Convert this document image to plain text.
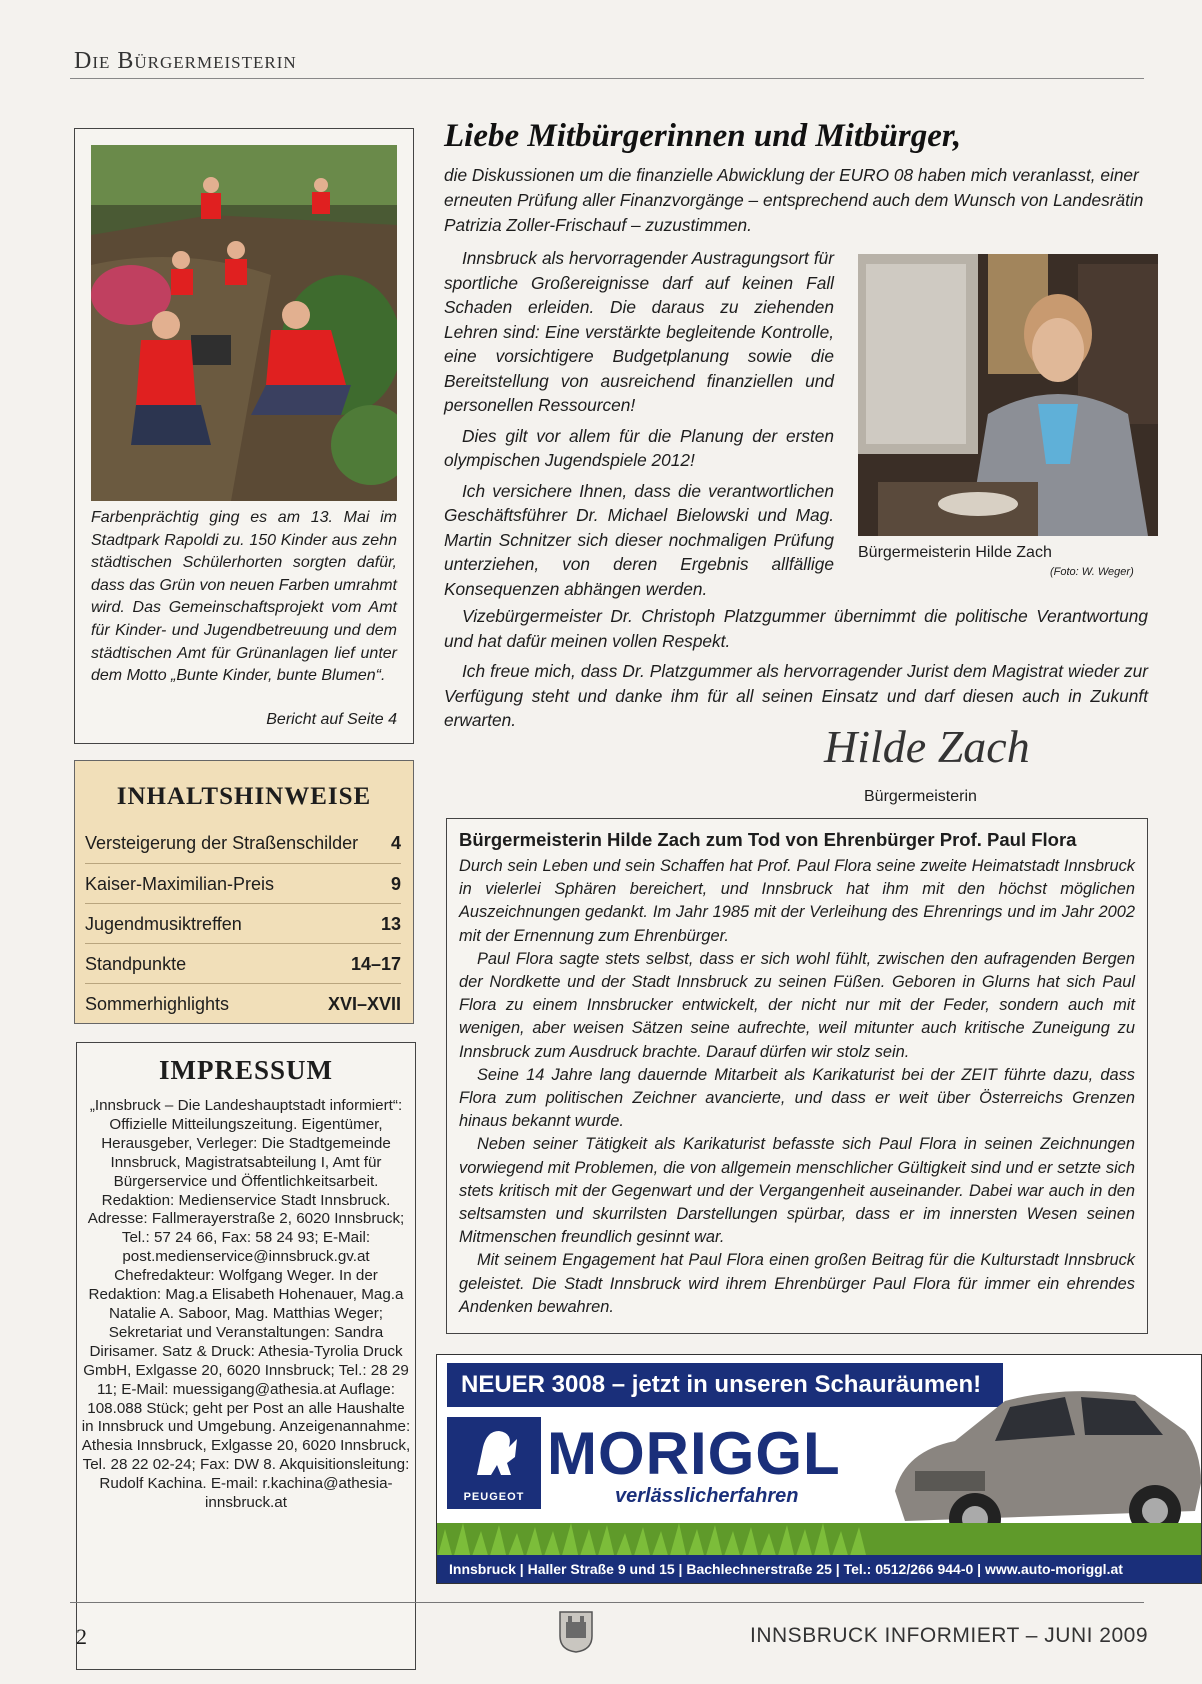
Die Bürgermeisterin
Farbenprächtig ging es am 13. Mai im Stadtpark Rapoldi zu. 150 Kinder aus zehn städtischen Schülerhorten sorgten dafür, dass das Grün von neuen Farben umrahmt wird. Das Gemeinschaftsprojekt vom Amt für Kinder- und Jugendbetreuung und dem städtischen Amt für Grünanlagen lief unter dem Motto „Bunte Kinder, bunte Blumen“.
Bericht auf Seite 4
INHALTSHINWEISE
Versteigerung der Straßenschilder 4
Kaiser-Maximilian-Preis	9
Jugendmusiktreffen	13
Standpunkte	14–17
Sommerhighlights	XVI–XVII
IMPRESSUM
„Innsbruck – Die Landeshauptstadt informiert“: Offizielle Mitteilungszeitung. Eigentümer, Herausgeber, Verleger: Die Stadtgemeinde Innsbruck, Magistratsabteilung I, Amt für Bürgerservice und Öffentlichkeitsarbeit. Redaktion: Medienservice Stadt Innsbruck. Adresse: Fallmerayerstraße 2, 6020 Innsbruck; Tel.: 57 24 66, Fax: 58 24 93; E-Mail: post.medienservice@innsbruck.gv.at Chefredakteur: Wolfgang Weger. In der Redaktion: Mag.a Elisabeth Hohenauer, Mag.a Natalie A. Saboor, Mag. Matthias Weger; Sekretariat und Veranstaltungen: Sandra Dirisamer. Satz & Druck: Athesia-Tyrolia Druck GmbH, Exlgasse 20, 6020 Innsbruck; Tel.: 28 29 11; E-Mail: muessigang@athesia.at Auflage: 108.088 Stück; geht per Post an alle Haushalte in Innsbruck und Umgebung. Anzeigenannahme: Athesia Innsbruck, Exlgasse 20, 6020 Innsbruck, Tel. 28 22 02-24; Fax: DW 8. Akquisitionsleitung: Rudolf Kachina. E-mail: r.kachina@athesia-innsbruck.at
Liebe Mitbürgerinnen und Mitbürger,
die Diskussionen um die finanzielle Abwicklung der EURO 08 haben mich veranlasst, einer erneuten Prüfung aller Finanzvorgänge – entsprechend auch dem Wunsch von Landesrätin Patrizia Zoller-Frischauf – zuzustimmen.

Innsbruck als hervorragender Austragungsort für sportliche Großereignisse darf auf keinen Fall Schaden erleiden. Die daraus zu ziehenden Lehren sind: Eine verstärkte begleitende Kontrolle, eine vorsichtigere Budgetplanung sowie die Bereitstellung von ausreichend finanziellen und personellen Ressourcen!

Dies gilt vor allem für die Planung der ersten olympischen Jugendspiele 2012!

Ich versichere Ihnen, dass die verantwortlichen Geschäftsführer Dr. Michael Bielowski und Mag. Martin Schnitzer sich dieser nochmaligen Prüfung unterziehen, von deren Ergebnis allfällige Konsequenzen abhängen werden.

Bürgermeisterin Hilde Zach
(Foto: W. Weger)

Vizebürgermeister Dr. Christoph Platzgummer übernimmt die politische Verantwortung und hat dafür meinen vollen Respekt.

Ich freue mich, dass Dr. Platzgummer als hervorragender Jurist dem Magistrat wieder zur Verfügung steht und danke ihm für all seinen Einsatz und darf diesen auch in Zukunft erwarten.

Hilde Zach
Bürgermeisterin
Bürgermeisterin Hilde Zach zum Tod von Ehrenbürger Prof. Paul Flora

Durch sein Leben und sein Schaffen hat Prof. Paul Flora seine zweite Heimatstadt Innsbruck in vielerlei Sphären bereichert, und Innsbruck hat ihm mit den höchst möglichen Auszeichnungen gedankt. Im Jahr 1985 mit der Verleihung des Ehrenrings und im Jahr 2002 mit der Ernennung zum Ehrenbürger.

Paul Flora sagte stets selbst, dass er sich wohl fühlt, zwischen den aufragenden Bergen der Nordkette und der Stadt Innsbruck zu seinen Füßen. Geboren in Glurns hat sich Paul Flora zu einem Innsbrucker entwickelt, der nicht nur mit der Feder, sondern auch mit wenigen, aber weisen Sätzen seine aufrechte, weil mitunter auch kritische Zuneigung zu Innsbruck zum Ausdruck brachte. Darauf dürfen wir stolz sein.

Seine 14 Jahre lang dauernde Mitarbeit als Karikaturist bei der ZEIT führte dazu, dass Flora zum politischen Zeichner avancierte, und dass er weit über Österreichs Grenzen hinaus bekannt wurde.

Neben seiner Tätigkeit als Karikaturist befasste sich Paul Flora in seinen Zeichnungen vorwiegend mit Problemen, die von allgemein menschlicher Gültigkeit sind und er setzte sich stets kritisch mit der Gegenwart und der Vergangenheit auseinander. Dabei war auch in den seltsamsten und skurrilsten Darstellungen spürbar, dass er im innersten Wesen seinen Mitmenschen freundlich gesinnt war.

Mit seinem Engagement hat Paul Flora einen großen Beitrag für die Kulturstadt Innsbruck geleistet. Die Stadt Innsbruck wird ihrem Ehrenbürger Paul Flora für immer ein ehrendes Andenken bewahren.

NEUER 3008 – jetzt in unseren Schauräumen!
PEUGEOT
MORIGGL
verlässlicherfahren
Innsbruck | Haller Straße 9 und 15 | Bachlechnerstraße 25 | Tel.: 0512/266 944-0 | www.auto-moriggl.at
2	INNSBRUCK INFORMIERT – JUNI 2009
